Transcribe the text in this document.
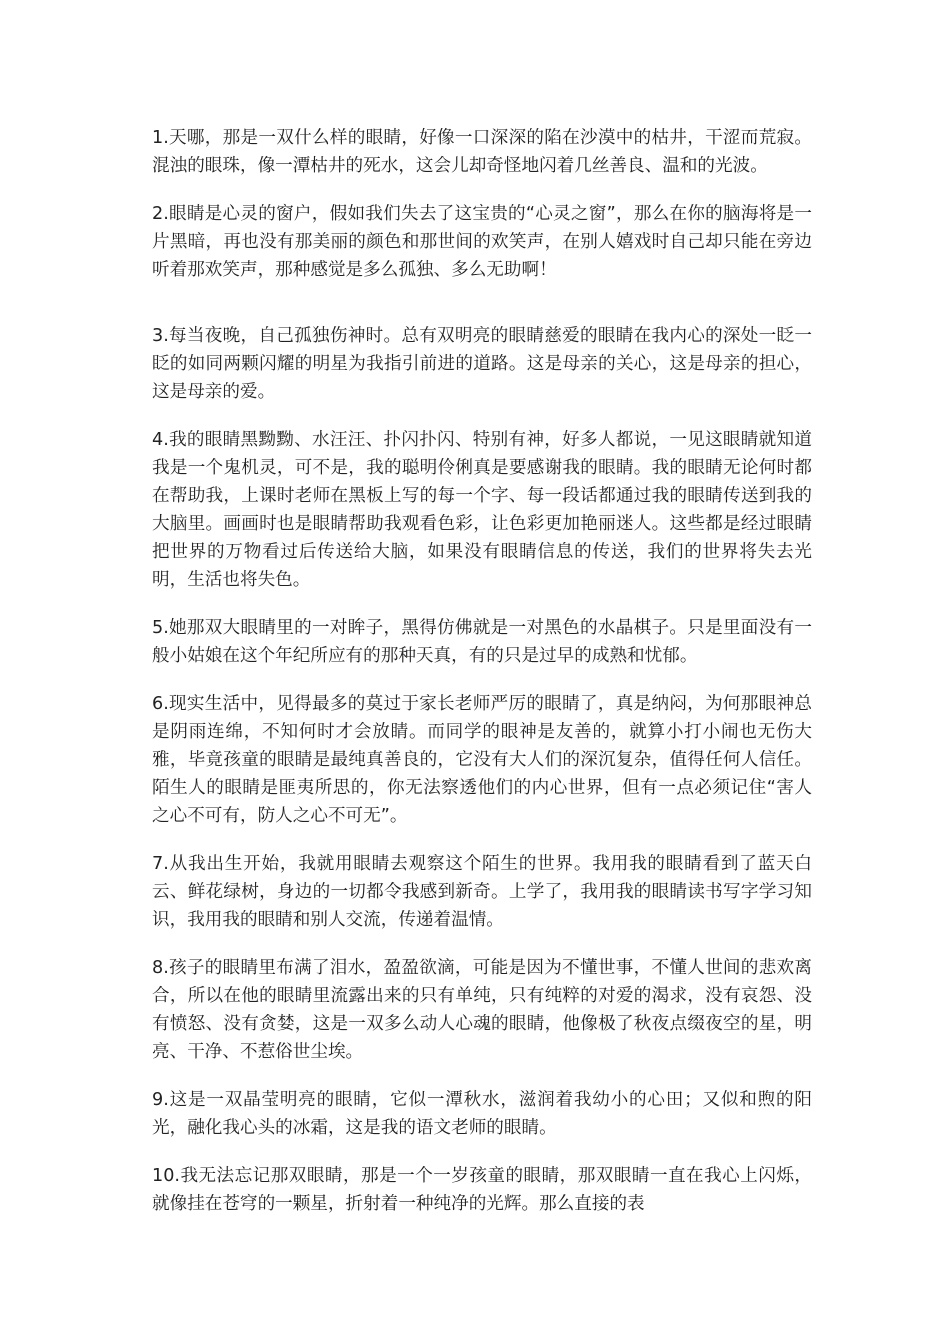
1.天哪，那是一双什么样的眼睛，好像一口深深的陷在沙漠中的枯井，干涩而荒寂。混浊的眼珠，像一潭枯井的死水，这会儿却奇怪地闪着几丝善良、温和的光波。

2.眼睛是心灵的窗户，假如我们失去了这宝贵的“心灵之窗”，那么在你的脑海将是一片黑暗，再也没有那美丽的颜色和那世间的欢笑声，在别人嬉戏时自己却只能在旁边听着那欢笑声，那种感觉是多么孤独、多么无助啊！

3.每当夜晚，自己孤独伤神时。总有双明亮的眼睛慈爱的眼睛在我内心的深处一眨一眨的如同两颗闪耀的明星为我指引前进的道路。这是母亲的关心，这是母亲的担心，这是母亲的爱。

4.我的眼睛黑黝黝、水汪汪、扑闪扑闪、特别有神，好多人都说，一见这眼睛就知道我是一个鬼机灵，可不是，我的聪明伶俐真是要感谢我的眼睛。我的眼睛无论何时都在帮助我，上课时老师在黑板上写的每一个字、每一段话都通过我的眼睛传送到我的大脑里。画画时也是眼睛帮助我观看色彩，让色彩更加艳丽迷人。这些都是经过眼睛把世界的万物看过后传送给大脑，如果没有眼睛信息的传送，我们的世界将失去光明，生活也将失色。

5.她那双大眼睛里的一对眸子，黑得仿佛就是一对黑色的水晶棋子。只是里面没有一般小姑娘在这个年纪所应有的那种天真，有的只是过早的成熟和忧郁。

6.现实生活中，见得最多的莫过于家长老师严厉的眼睛了，真是纳闷，为何那眼神总是阴雨连绵，不知何时才会放睛。而同学的眼神是友善的，就算小打小闹也无伤大雅，毕竟孩童的眼睛是最纯真善良的，它没有大人们的深沉复杂，值得任何人信任。陌生人的眼睛是匪夷所思的，你无法察透他们的内心世界，但有一点必须记住“害人之心不可有，防人之心不可无”。

7.从我出生开始，我就用眼睛去观察这个陌生的世界。我用我的眼睛看到了蓝天白云、鲜花绿树，身边的一切都令我感到新奇。上学了，我用我的眼睛读书写字学习知识，我用我的眼睛和别人交流，传递着温情。

8.孩子的眼睛里布满了泪水，盈盈欲滴，可能是因为不懂世事，不懂人世间的悲欢离合，所以在他的眼睛里流露出来的只有单纯，只有纯粹的对爱的渴求，没有哀怨、没有愤怒、没有贪婪，这是一双多么动人心魂的眼睛，他像极了秋夜点缀夜空的星，明亮、干净、不惹俗世尘埃。

9.这是一双晶莹明亮的眼睛，它似一潭秋水，滋润着我幼小的心田；又似和煦的阳光，融化我心头的冰霜，这是我的语文老师的眼睛。

10.我无法忘记那双眼睛，那是一个一岁孩童的眼睛，那双眼睛一直在我心上闪烁，就像挂在苍穹的一颗星，折射着一种纯净的光辉。那么直接的表
